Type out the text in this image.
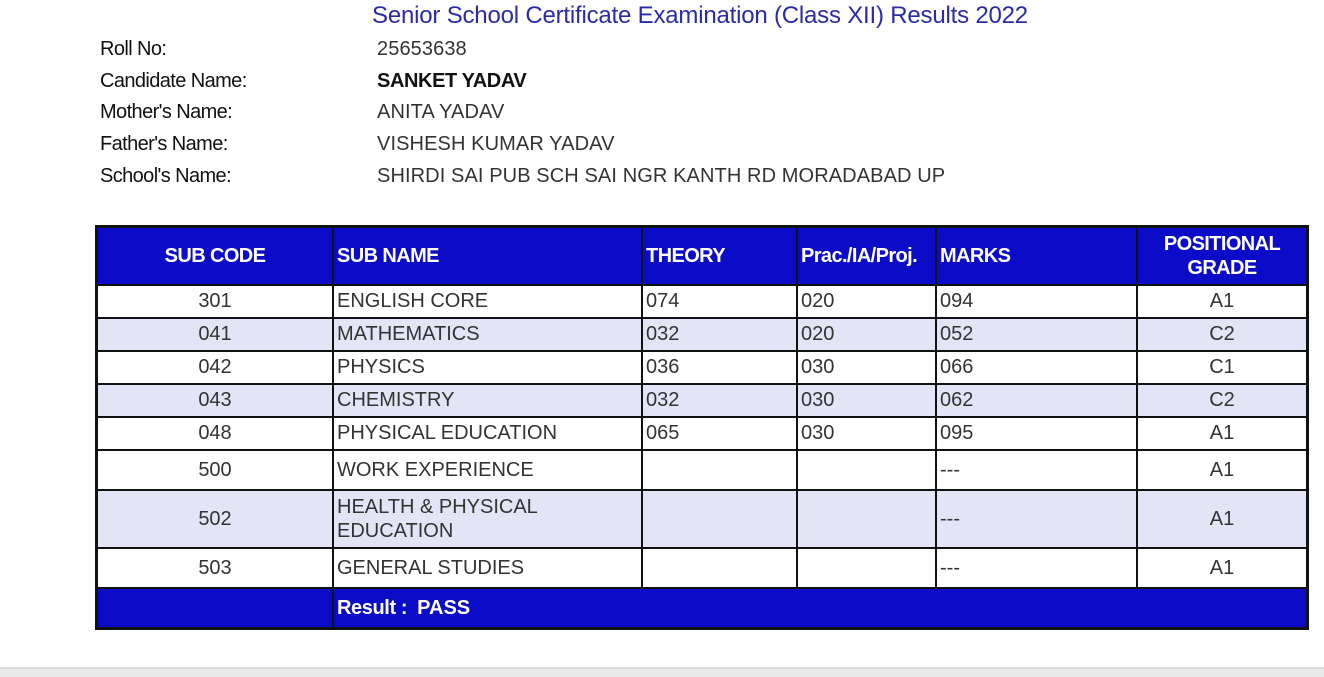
Senior School Certificate Examination (Class XII) Results 2022
Roll No:	25653638
Candidate Name:	SANKET YADAV
Mother's Name:	ANITA YADAV
Father's Name:	VISHESH KUMAR YADAV
School's Name:	SHIRDI SAI PUB SCH SAI NGR KANTH RD MORADABAD UP
SUB CODE	SUB NAME	THEORY	Prac./IA/Proj.	MARKS	POSITIONAL GRADE
301	ENGLISH CORE	074	020	094	A1
041	MATHEMATICS	032	020	052	C2
042	PHYSICS	036	030	066	C1
043	CHEMISTRY	032	030	062	C2
048	PHYSICAL EDUCATION	065	030	095	A1
500	WORK EXPERIENCE			---	A1
502	HEALTH & PHYSICAL EDUCATION			---	A1
503	GENERAL STUDIES			---	A1
	Result : PASS				
